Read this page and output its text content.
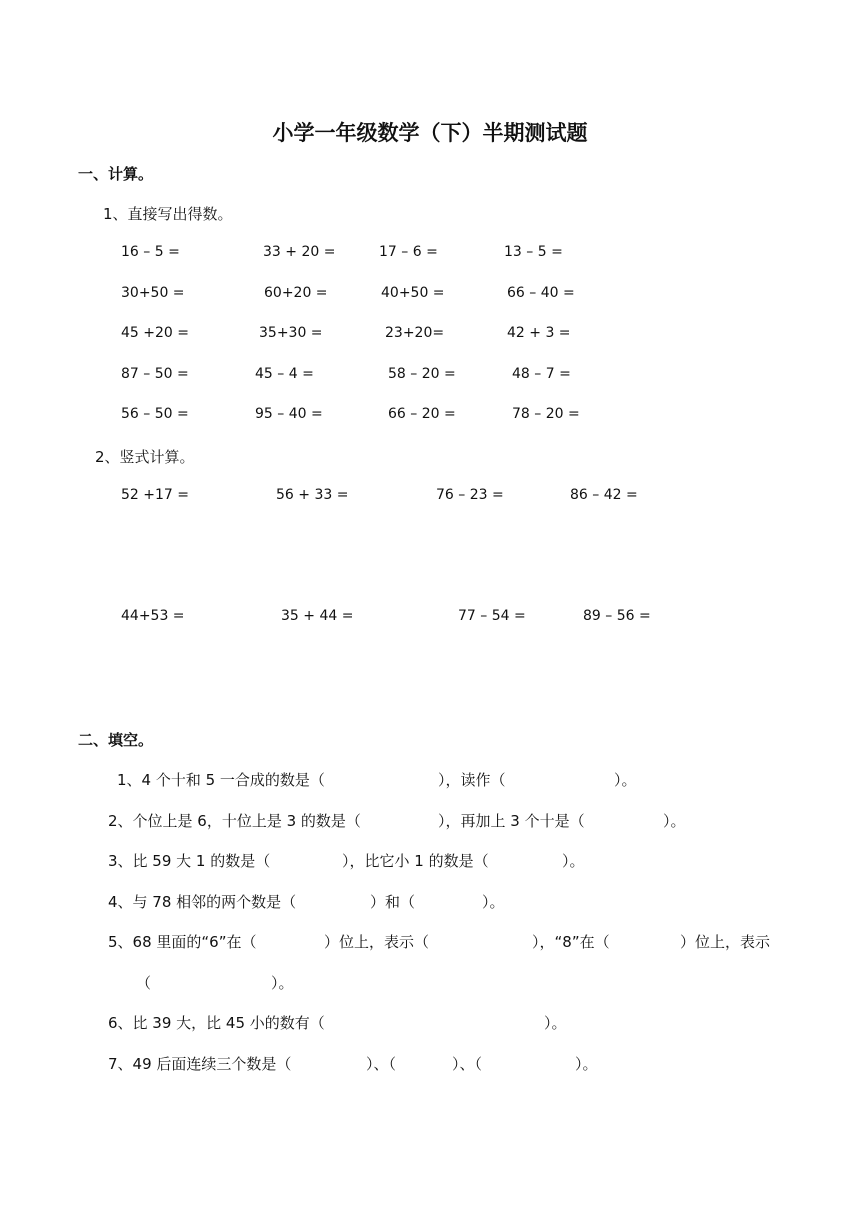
小学一年级数学（下）半期测试题
一、计算。
1、直接写出得数。
16 – 5 =	33 + 20 =	17 – 6 =	13 – 5 =
30+50 =	60+20 =	40+50 =	66 – 40 =
45 +20 =	35+30 =	23+20=	42 + 3 =
87 – 50 =	45 – 4 =	58 – 20 =	48 – 7 =
56 – 50 =	95 – 40 =	66 – 20 =	78 – 20 =
2、竖式计算。
52 +17 =	56 + 33 =	76 – 23 =	86 – 42 =
44+53 =	35 + 44 =	77 – 54 =	89 – 56 =
二、填空。
1、4 个十和 5 一合成的数是（	），读作（	）。
2、个位上是 6，十位上是 3 的数是（	），再加上 3 个十是（	）。
3、比 59 大 1 的数是（	），比它小 1 的数是（	）。
4、与 78 相邻的两个数是（	）和（	）。
5、68 里面的“6”在（	）位上，表示（	），“8”在（	）位上，表示
（	）。
6、比 39 大，比 45 小的数有（	）。
7、49 后面连续三个数是（	）、（	）、（	）。
